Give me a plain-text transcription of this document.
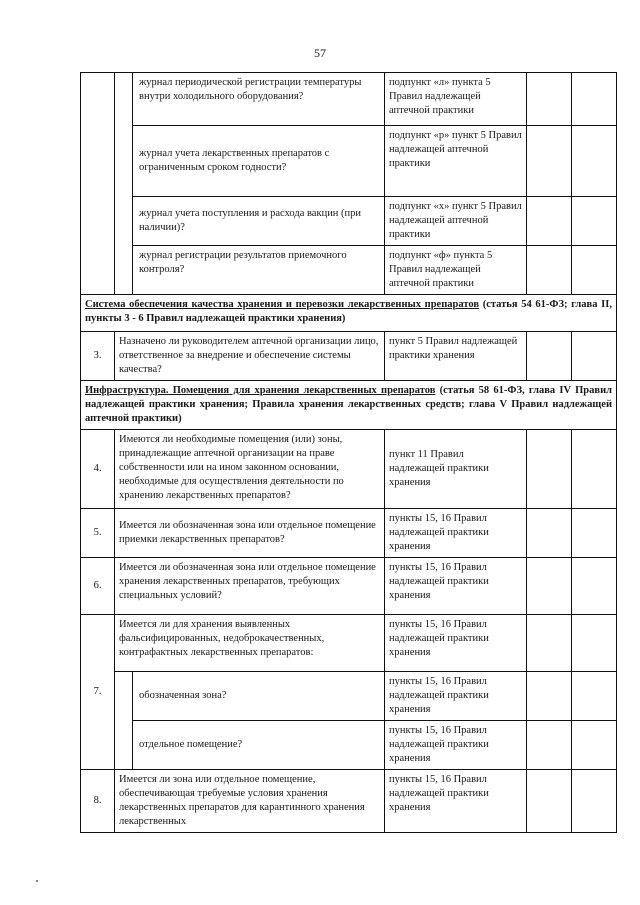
57
		журнал периодической регистрации температуры внутри холодильного оборудования?	подпункт «л» пункта 5 Правил надлежащей аптечной практики		
		журнал учета лекарственных препаратов с ограниченным сроком годности?	подпункт «р» пункт 5 Правил надлежащей аптечной практики		
		журнал учета поступления и расхода вакцин (при наличии)?	подпункт «х» пункт 5 Правил надлежащей аптечной практики		
		журнал регистрации результатов приемочного контроля?	подпункт «ф» пункта 5 Правил надлежащей аптечной практики		
Система обеспечения качества хранения и перевозки лекарственных препаратов (статья 54 61-ФЗ; глава II, пункты 3 - 6 Правил надлежащей практики хранения)					
3.	Назначено ли руководителем аптечной организации лицо, ответственное за внедрение и обеспечение системы качества?		пункт 5 Правил надлежащей практики хранения		
Инфраструктура. Помещения для хранения лекарственных препаратов (статья 58 61-ФЗ, глава IV Правил надлежащей практики хранения; Правила хранения лекарственных средств; глава V Правил надлежащей аптечной практики)					
4.	Имеются ли необходимые помещения (или) зоны, принадлежащие аптечной организации на праве собственности или на ином законном основании, необходимые для осуществления деятельности по хранению лекарственных препаратов?		пункт 11 Правил надлежащей практики хранения		
5.	Имеется ли обозначенная зона или отдельное помещение приемки лекарственных препаратов?		пункты 15, 16 Правил надлежащей практики хранения		
6.	Имеется ли обозначенная зона или отдельное помещение хранения лекарственных препаратов, требующих специальных условий?		пункты 15, 16 Правил надлежащей практики хранения		
7.	Имеется ли для хранения выявленных фальсифицированных, недоброкачественных, контрафактных лекарственных препаратов:		пункты 15, 16 Правил надлежащей практики хранения		
		обозначенная зона?	пункты 15, 16 Правил надлежащей практики хранения		
		отдельное помещение?	пункты 15, 16 Правил надлежащей практики хранения		
8.	Имеется ли зона или отдельное помещение, обеспечивающая требуемые условия хранения лекарственных препаратов для карантинного хранения лекарственных		пункты 15, 16 Правил надлежащей практики хранения		
